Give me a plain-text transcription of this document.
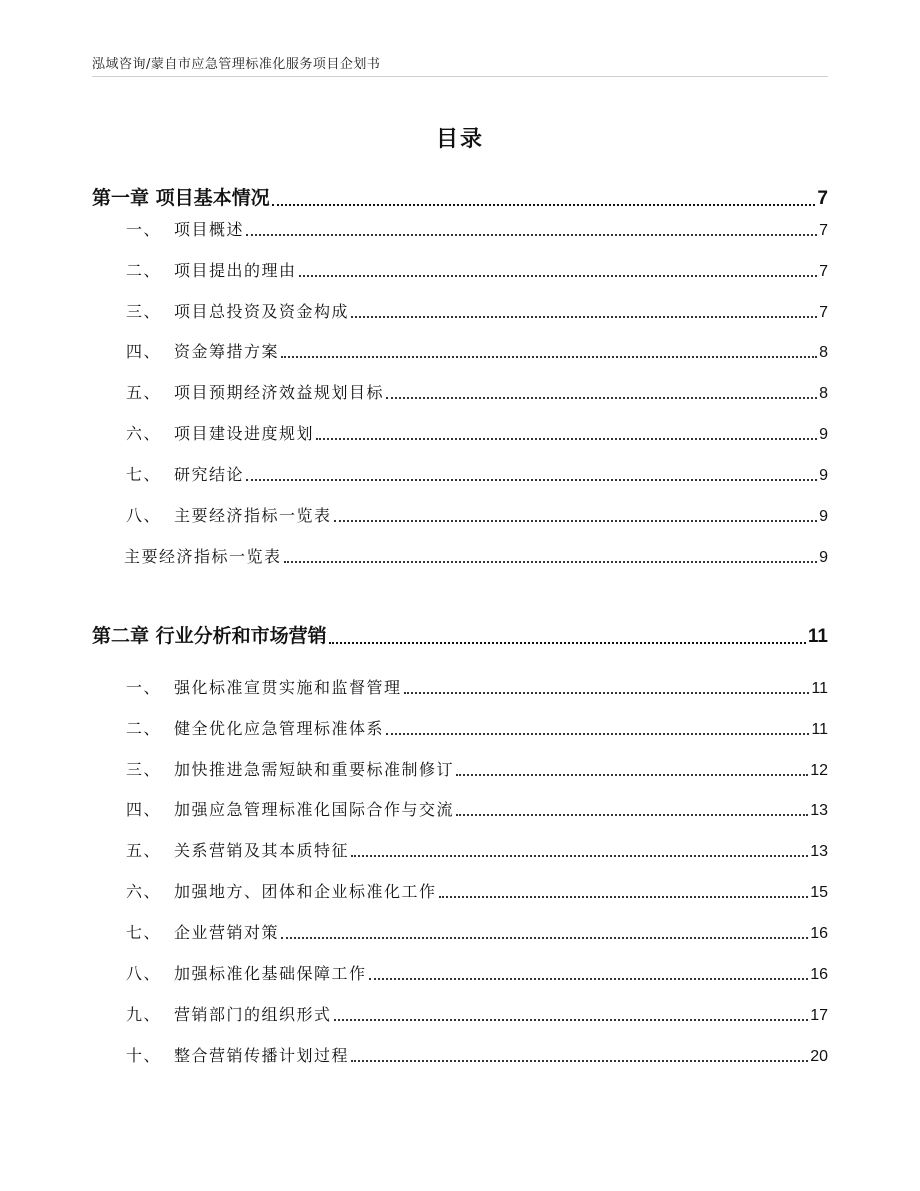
泓域咨询/蒙自市应急管理标准化服务项目企划书
目录
第一章 项目基本情况	7
一、 项目概述	7
二、 项目提出的理由	7
三、 项目总投资及资金构成	7
四、 资金筹措方案	8
五、 项目预期经济效益规划目标	8
六、 项目建设进度规划	9
七、 研究结论	9
八、 主要经济指标一览表	9
主要经济指标一览表	9
第二章 行业分析和市场营销	11
一、 强化标准宣贯实施和监督管理	11
二、 健全优化应急管理标准体系	11
三、 加快推进急需短缺和重要标准制修订	12
四、 加强应急管理标准化国际合作与交流	13
五、 关系营销及其本质特征	13
六、 加强地方、团体和企业标准化工作	15
七、 企业营销对策	16
八、 加强标准化基础保障工作	16
九、 营销部门的组织形式	17
十、 整合营销传播计划过程	20
